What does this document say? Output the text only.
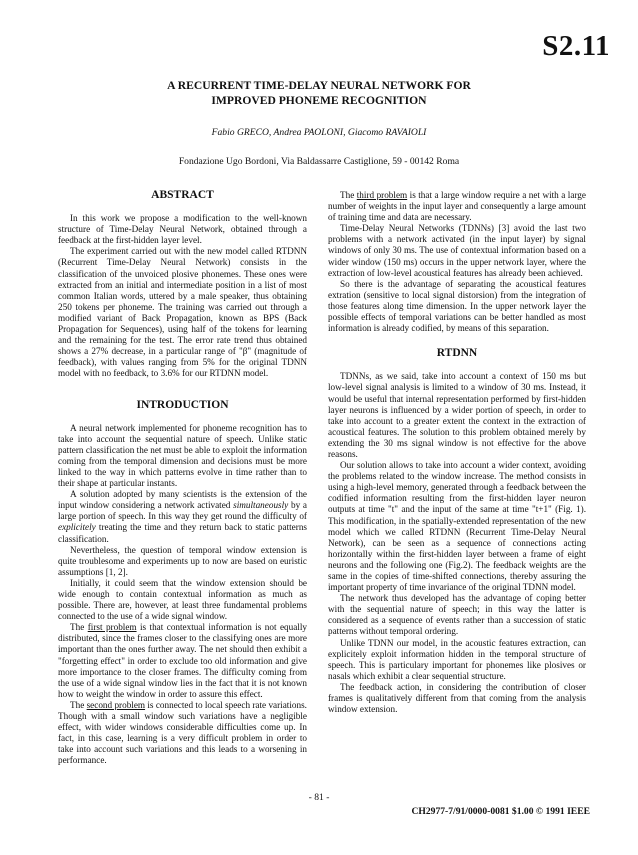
S2.11
A RECURRENT TIME-DELAY NEURAL NETWORK FOR
IMPROVED PHONEME RECOGNITION
Fabio GRECO, Andrea PAOLONI, Giacomo RAVAIOLI
Fondazione Ugo Bordoni, Via Baldassarre Castiglione, 59 - 00142 Roma
ABSTRACT

In this work we propose a modification to the well-known structure of Time-Delay Neural Network, obtained through a feedback at the first-hidden layer level.

The experiment carried out with the new model called RTDNN (Recurrent Time-Delay Neural Network) consists in the classification of the unvoiced plosive phonemes. These ones were extracted from an initial and intermediate position in a list of most common Italian words, uttered by a male speaker, thus obtaining 250 tokens per phoneme. The training was carried out through a modified variant of Back Propagation, known as BPS (Back Propagation for Sequences), using half of the tokens for learning and the remaining for the test. The error rate trend thus obtained shows a 27% decrease, in a particular range of "β" (magnitude of feedback), with values ranging from 5% for the original TDNN model with no feedback, to 3.6% for our RTDNN model.

INTRODUCTION

A neural network implemented for phoneme recognition has to take into account the sequential nature of speech. Unlike static pattern classification the net must be able to exploit the information coming from the temporal dimension and decisions must be more linked to the way in which patterns evolve in time rather than to their shape at particular instants.

A solution adopted by many scientists is the extension of the input window considering a network activated simultaneously by a large portion of speech. In this way they get round the difficulty of explicitely treating the time and they return back to static patterns classification.

Nevertheless, the question of temporal window extension is quite troublesome and experiments up to now are based on euristic assumptions [1, 2].

Initially, it could seem that the window extension should be wide enough to contain contextual information as much as possible. There are, however, at least three fundamental problems connected to the use of a wide signal window.

The first problem is that contextual information is not equally distributed, since the frames closer to the classifying ones are more important than the ones further away. The net should then exhibit a "forgetting effect" in order to exclude too old information and give more importance to the closer frames. The difficulty coming from the use of a wide signal window lies in the fact that it is not known how to weight the window in order to assure this effect.

The second problem is connected to local speech rate variations. Though with a small window such variations have a negligible effect, with wider windows considerable difficulties come up. In fact, in this case, learning is a very difficult problem in order to take into account such variations and this leads to a worsening in performance.

The third problem is that a large window require a net with a large number of weights in the input layer and consequently a large amount of training time and data are necessary.

Time-Delay Neural Networks (TDNNs) [3] avoid the last two problems with a network activated (in the input layer) by signal windows of only 30 ms. The use of contextual information based on a wider window (150 ms) occurs in the upper network layer, where the extraction of low-level acoustical features has already been achieved.

So there is the advantage of separating the acoustical features extration (sensitive to local signal distorsion) from the integration of those features along time dimension. In the upper network layer the possible effects of temporal variations can be better handled as most information is already codified, by means of this separation.

RTDNN

TDNNs, as we said, take into account a context of 150 ms but low-level signal analysis is limited to a window of 30 ms. Instead, it would be useful that internal representation performed by first-hidden layer neurons is influenced by a wider portion of speech, in order to take into account to a greater extent the context in the extraction of acoustical features. The solution to this problem obtained merely by extending the 30 ms signal window is not effective for the above reasons.

Our solution allows to take into account a wider context, avoiding the problems related to the window increase. The method consists in using a high-level memory, generated through a feedback between the codified information resulting from the first-hidden layer neuron outputs at time "t" and the input of the same at time "t+1" (Fig. 1). This modification, in the spatially-extended representation of the new model which we called RTDNN (Recurrent Time-Delay Neural Network), can be seen as a sequence of connections acting horizontally within the first-hidden layer between a frame of eight neurons and the following one (Fig.2). The feedback weights are the same in the copies of time-shifted connections, thereby assuring the important property of time invariance of the original TDNN model.

The network thus developed has the advantage of coping better with the sequential nature of speech; in this way the latter is considered as a sequence of events rather than a succession of static patterns without temporal ordering.

Unlike TDNN our model, in the acoustic features extraction, can explicitely exploit information hidden in the temporal structure of speech. This is particulary important for phonemes like plosives or nasals which exhibit a clear sequential structure.

The feedback action, in considering the contribution of closer frames is qualitatively different from that coming from the analysis window extension.

- 81 -
CH2977-7/91/0000-0081 $1.00 © 1991 IEEE
